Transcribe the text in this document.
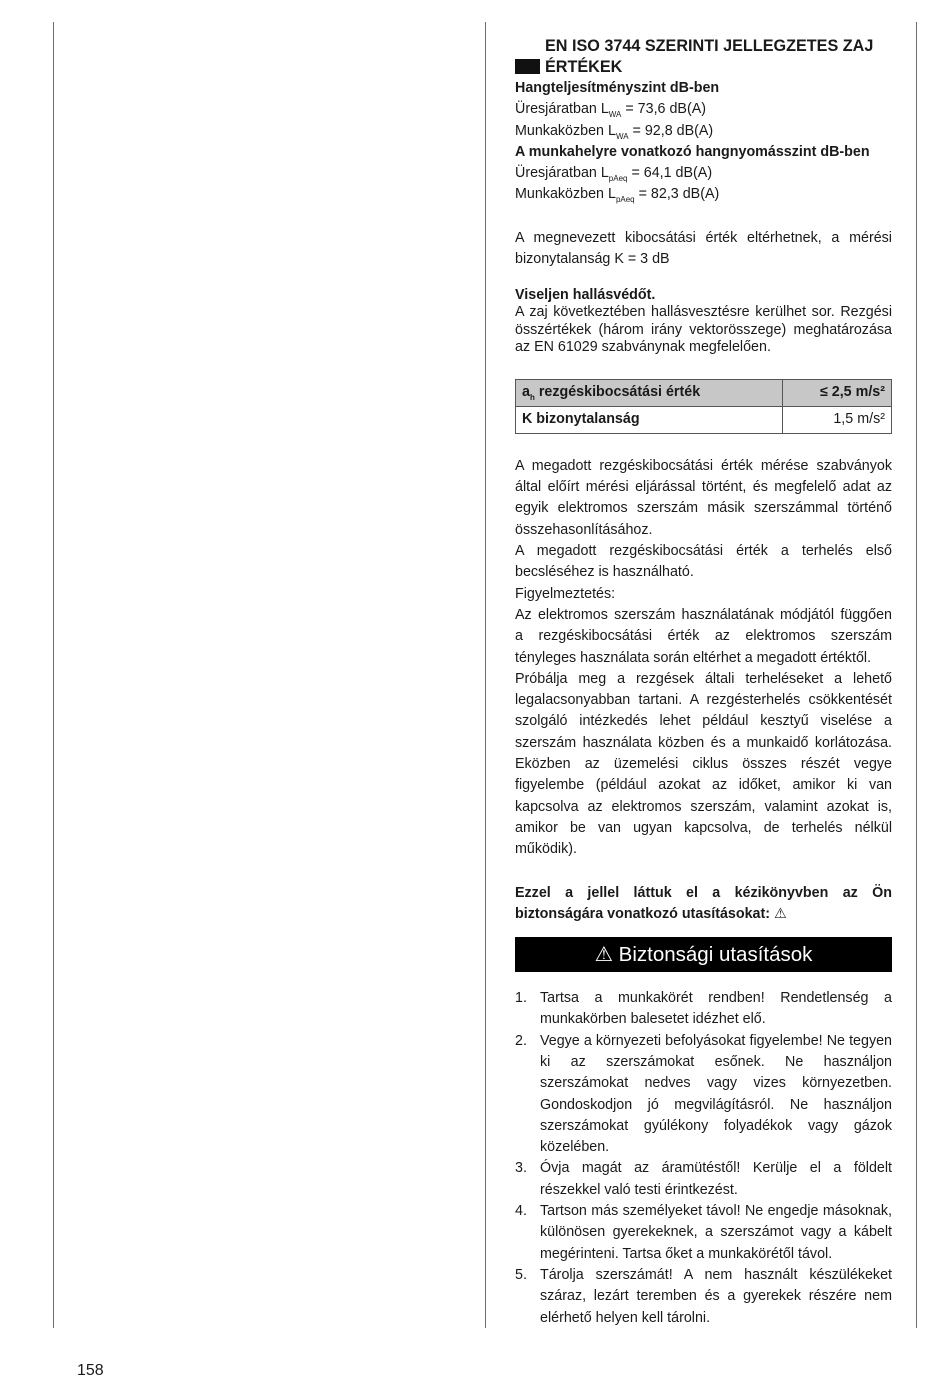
EN ISO 3744 SZERINTI JELLEGZETES ZAJ
ÉRTÉKEK
Hangteljesítményszint dB-ben
Üresjáratban $L_{WA} = 73,6$ dB(A)
Munkaközben $L_{WA} = 92,8$ dB(A)
A munkahelyre vonatkozó hangnyomásszint dB-ben
Üresjáratban $L_{pAeq} = 64,1$ dB(A)
Munkaközben $L_{pAeq} = 82,3$ dB(A)
A megnevezett kibocsátási érték eltérhetnek, a mérési bizonytalanság K = 3 dB
Viseljen hallásvédőt.
A zaj következtében hallásvesztésre kerülhet sor. Rezgési összértékek (három irány vektorösszege) meghatározása az EN 61029 szabványnak megfelelően.
$a_h$ rezgéskibocsátási érték	≤ 2,5 m/s²
K bizonytalanság	1,5 m/s²
A megadott rezgéskibocsátási érték mérése szabványok által előírt mérési eljárással történt, és megfelelő adat az egyik elektromos szerszám másik szerszámmal történő összehasonlításához.
A megadott rezgéskibocsátási érték a terhelés első becsléséhez is használható.
Figyelmeztetés:
Az elektromos szerszám használatának módjától függően a rezgéskibocsátási érték az elektromos szerszám tényleges használata során eltérhet a megadott értéktől.
Próbálja meg a rezgések általi terheléseket a lehető legalacsonyabban tartani. A rezgésterhelés csökkentését szolgáló intézkedés lehet például kesztyű viselése a szerszám használata közben és a munkaidő korlátozása. Eközben az üzemelési ciklus összes részét vegye figyelembe (például azokat az időket, amikor ki van kapcsolva az elektromos szerszám, valamint azokat is, amikor be van ugyan kapcsolva, de terhelés nélkül működik).
Ezzel a jellel láttuk el a kézikönyvben az Ön biztonságára vonatkozó utasításokat: ⚠
⚠ Biztonsági utasítások
1. Tartsa a munkakörét rendben! Rendetlenség a munkakörben balesetet idézhet elő.
2. Vegye a környezeti befolyásokat figyelembe! Ne tegyen ki az szerszámokat esőnek. Ne használjon szerszámokat nedves vagy vizes környezetben. Gondoskodjon jó megvilágításról. Ne használjon szerszámokat gyúlékony folyadékok vagy gázok közelében.
3. Óvja magát az áramütéstől! Kerülje el a földelt részekkel való testi érintkezést.
4. Tartson más személyeket távol! Ne engedje másoknak, különösen gyerekeknek, a szerszámot vagy a kábelt megérinteni. Tartsa őket a munkakörétől távol.
5. Tárolja szerszámát! A nem használt készülékeket száraz, lezárt teremben és a gyerekek részére nem elérhető helyen kell tárolni.
158
